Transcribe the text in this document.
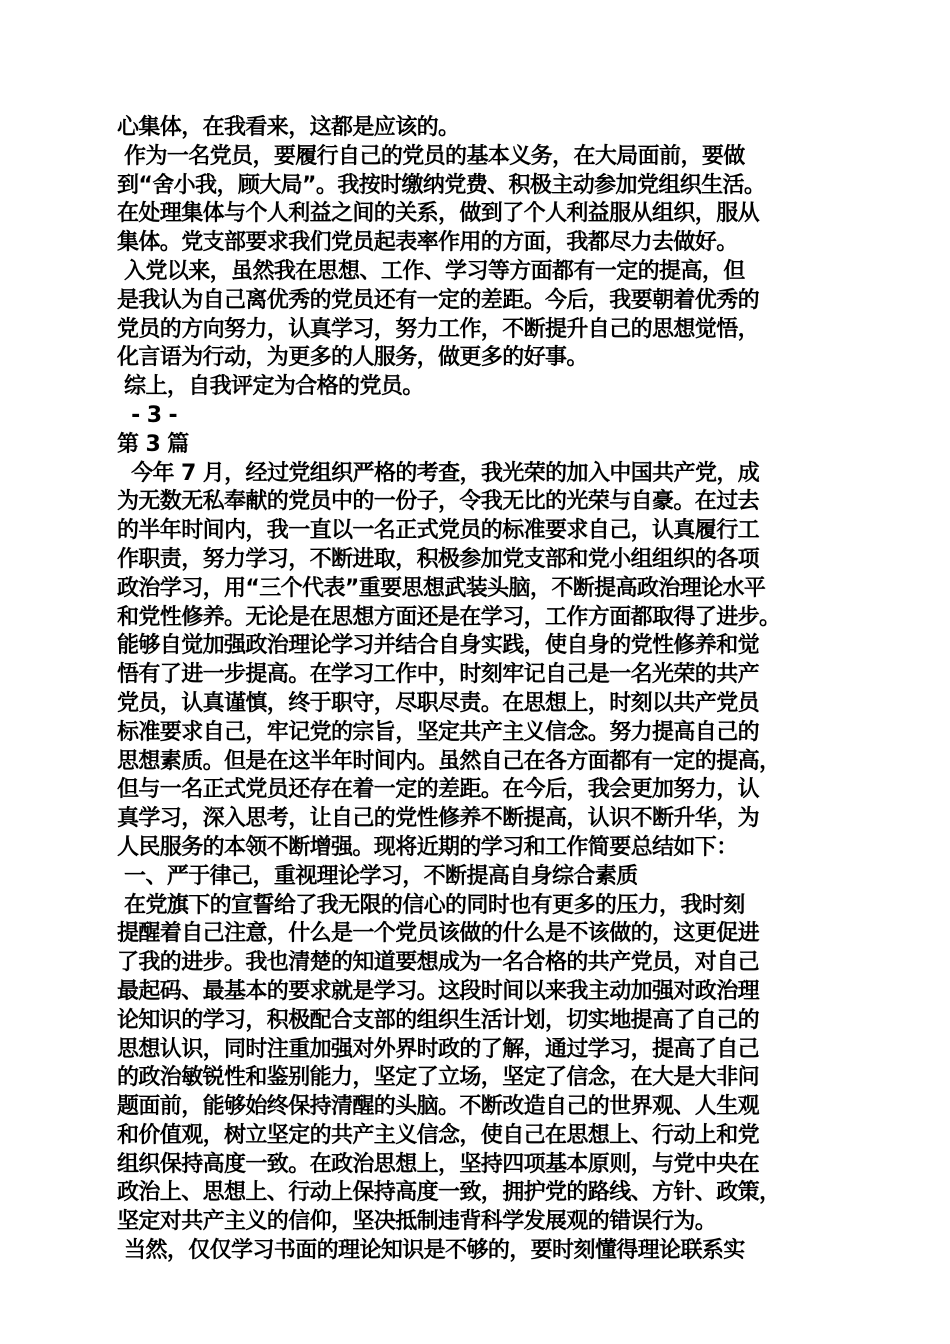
心集体，在我看来，这都是应该的。
作为一名党员，要履行自己的党员的基本义务，在大局面前，要做
到“舍小我，顾大局”。我按时缴纳党费、积极主动参加党组织生活。
在处理集体与个人利益之间的关系，做到了个人利益服从组织，服从
集体。党支部要求我们党员起表率作用的方面，我都尽力去做好。
入党以来，虽然我在思想、工作、学习等方面都有一定的提高，但
是我认为自己离优秀的党员还有一定的差距。今后，我要朝着优秀的
党员的方向努力，认真学习，努力工作，不断提升自己的思想觉悟，
化言语为行动，为更多的人服务，做更多的好事。
综上，自我评定为合格的党员。
- 3 -
第 3 篇
今年 7 月，经过党组织严格的考查，我光荣的加入中国共产党，成
为无数无私奉献的党员中的一份子，令我无比的光荣与自豪。在过去
的半年时间内，我一直以一名正式党员的标准要求自己，认真履行工
作职责，努力学习，不断进取，积极参加党支部和党小组组织的各项
政治学习，用“三个代表”重要思想武装头脑，不断提高政治理论水平
和党性修养。无论是在思想方面还是在学习，工作方面都取得了进步。
能够自觉加强政治理论学习并结合自身实践，使自身的党性修养和觉
悟有了进一步提高。在学习工作中，时刻牢记自己是一名光荣的共产
党员，认真谨慎，终于职守，尽职尽责。在思想上，时刻以共产党员
标准要求自己，牢记党的宗旨，坚定共产主义信念。努力提高自己的
思想素质。但是在这半年时间内。虽然自己在各方面都有一定的提高，
但与一名正式党员还存在着一定的差距。在今后，我会更加努力，认
真学习，深入思考，让自己的党性修养不断提高，认识不断升华，为
人民服务的本领不断增强。现将近期的学习和工作简要总结如下：
一、严于律己，重视理论学习，不断提高自身综合素质
在党旗下的宣誓给了我无限的信心的同时也有更多的压力，我时刻
提醒着自己注意，什么是一个党员该做的什么是不该做的，这更促进
了我的进步。我也清楚的知道要想成为一名合格的共产党员，对自己
最起码、最基本的要求就是学习。这段时间以来我主动加强对政治理
论知识的学习，积极配合支部的组织生活计划，切实地提高了自己的
思想认识，同时注重加强对外界时政的了解，通过学习，提高了自己
的政治敏锐性和鉴别能力，坚定了立场，坚定了信念，在大是大非问
题面前，能够始终保持清醒的头脑。不断改造自己的世界观、人生观
和价值观，树立坚定的共产主义信念，使自己在思想上、行动上和党
组织保持高度一致。在政治思想上，坚持四项基本原则，与党中央在
政治上、思想上、行动上保持高度一致，拥护党的路线、方针、政策，
坚定对共产主义的信仰，坚决抵制违背科学发展观的错误行为。
当然，仅仅学习书面的理论知识是不够的，要时刻懂得理论联系实
